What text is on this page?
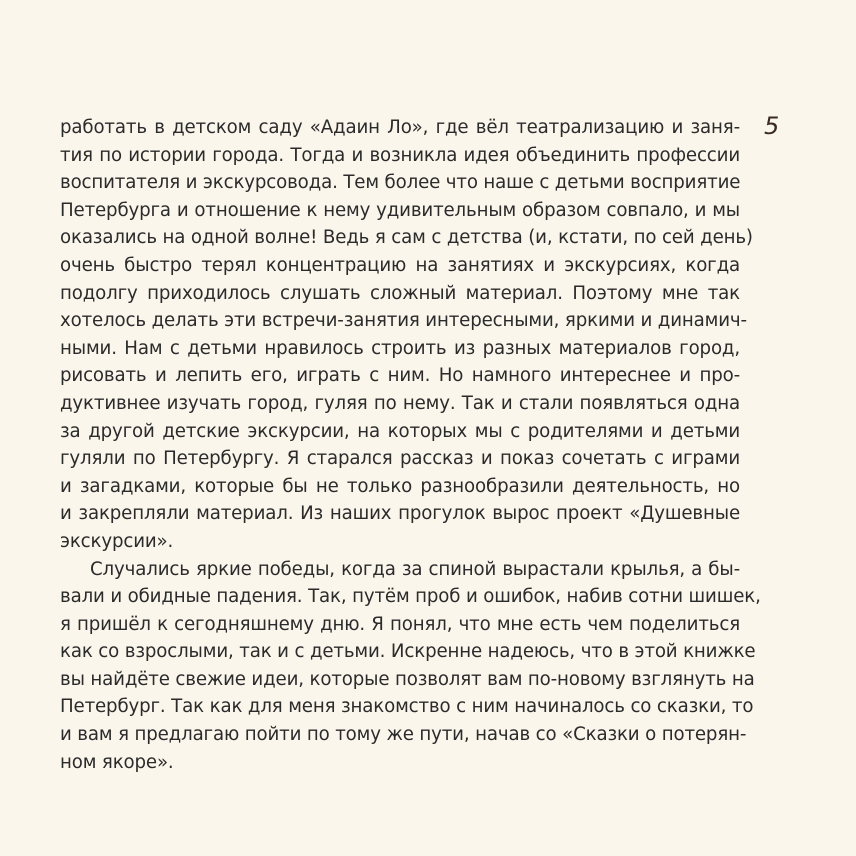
5
работать в детском саду «Адаин Ло», где вёл театрализацию и заня-
тия по истории города. Тогда и возникла идея объединить профессии
воспитателя и экскурсовода. Тем более что наше с детьми восприятие
Петербурга и отношение к нему удивительным образом совпало, и мы
оказались на одной волне! Ведь я сам с детства (и, кстати, по сей день)
очень быстро терял концентрацию на занятиях и экскурсиях, когда
подолгу приходилось слушать сложный материал. Поэтому мне так
хотелось делать эти встречи-занятия интересными, яркими и динамич-
ными. Нам с детьми нравилось строить из разных материалов город,
рисовать и лепить его, играть с ним. Но намного интереснее и про-
дуктивнее изучать город, гуляя по нему. Так и стали появляться одна
за другой детские экскурсии, на которых мы с родителями и детьми
гуляли по Петербургу. Я старался рассказ и показ сочетать с играми
и загадками, которые бы не только разнообразили деятельность, но
и закрепляли материал. Из наших прогулок вырос проект «Душевные
экскурсии».
Случались яркие победы, когда за спиной вырастали крылья, а бы-
вали и обидные падения. Так, путём проб и ошибок, набив сотни шишек,
я пришёл к сегодняшнему дню. Я понял, что мне есть чем поделиться
как со взрослыми, так и с детьми. Искренне надеюсь, что в этой книжке
вы найдёте свежие идеи, которые позволят вам по-новому взглянуть на
Петербург. Так как для меня знакомство с ним начиналось со сказки, то
и вам я предлагаю пойти по тому же пути, начав со «Сказки о потерян-
ном якоре».
